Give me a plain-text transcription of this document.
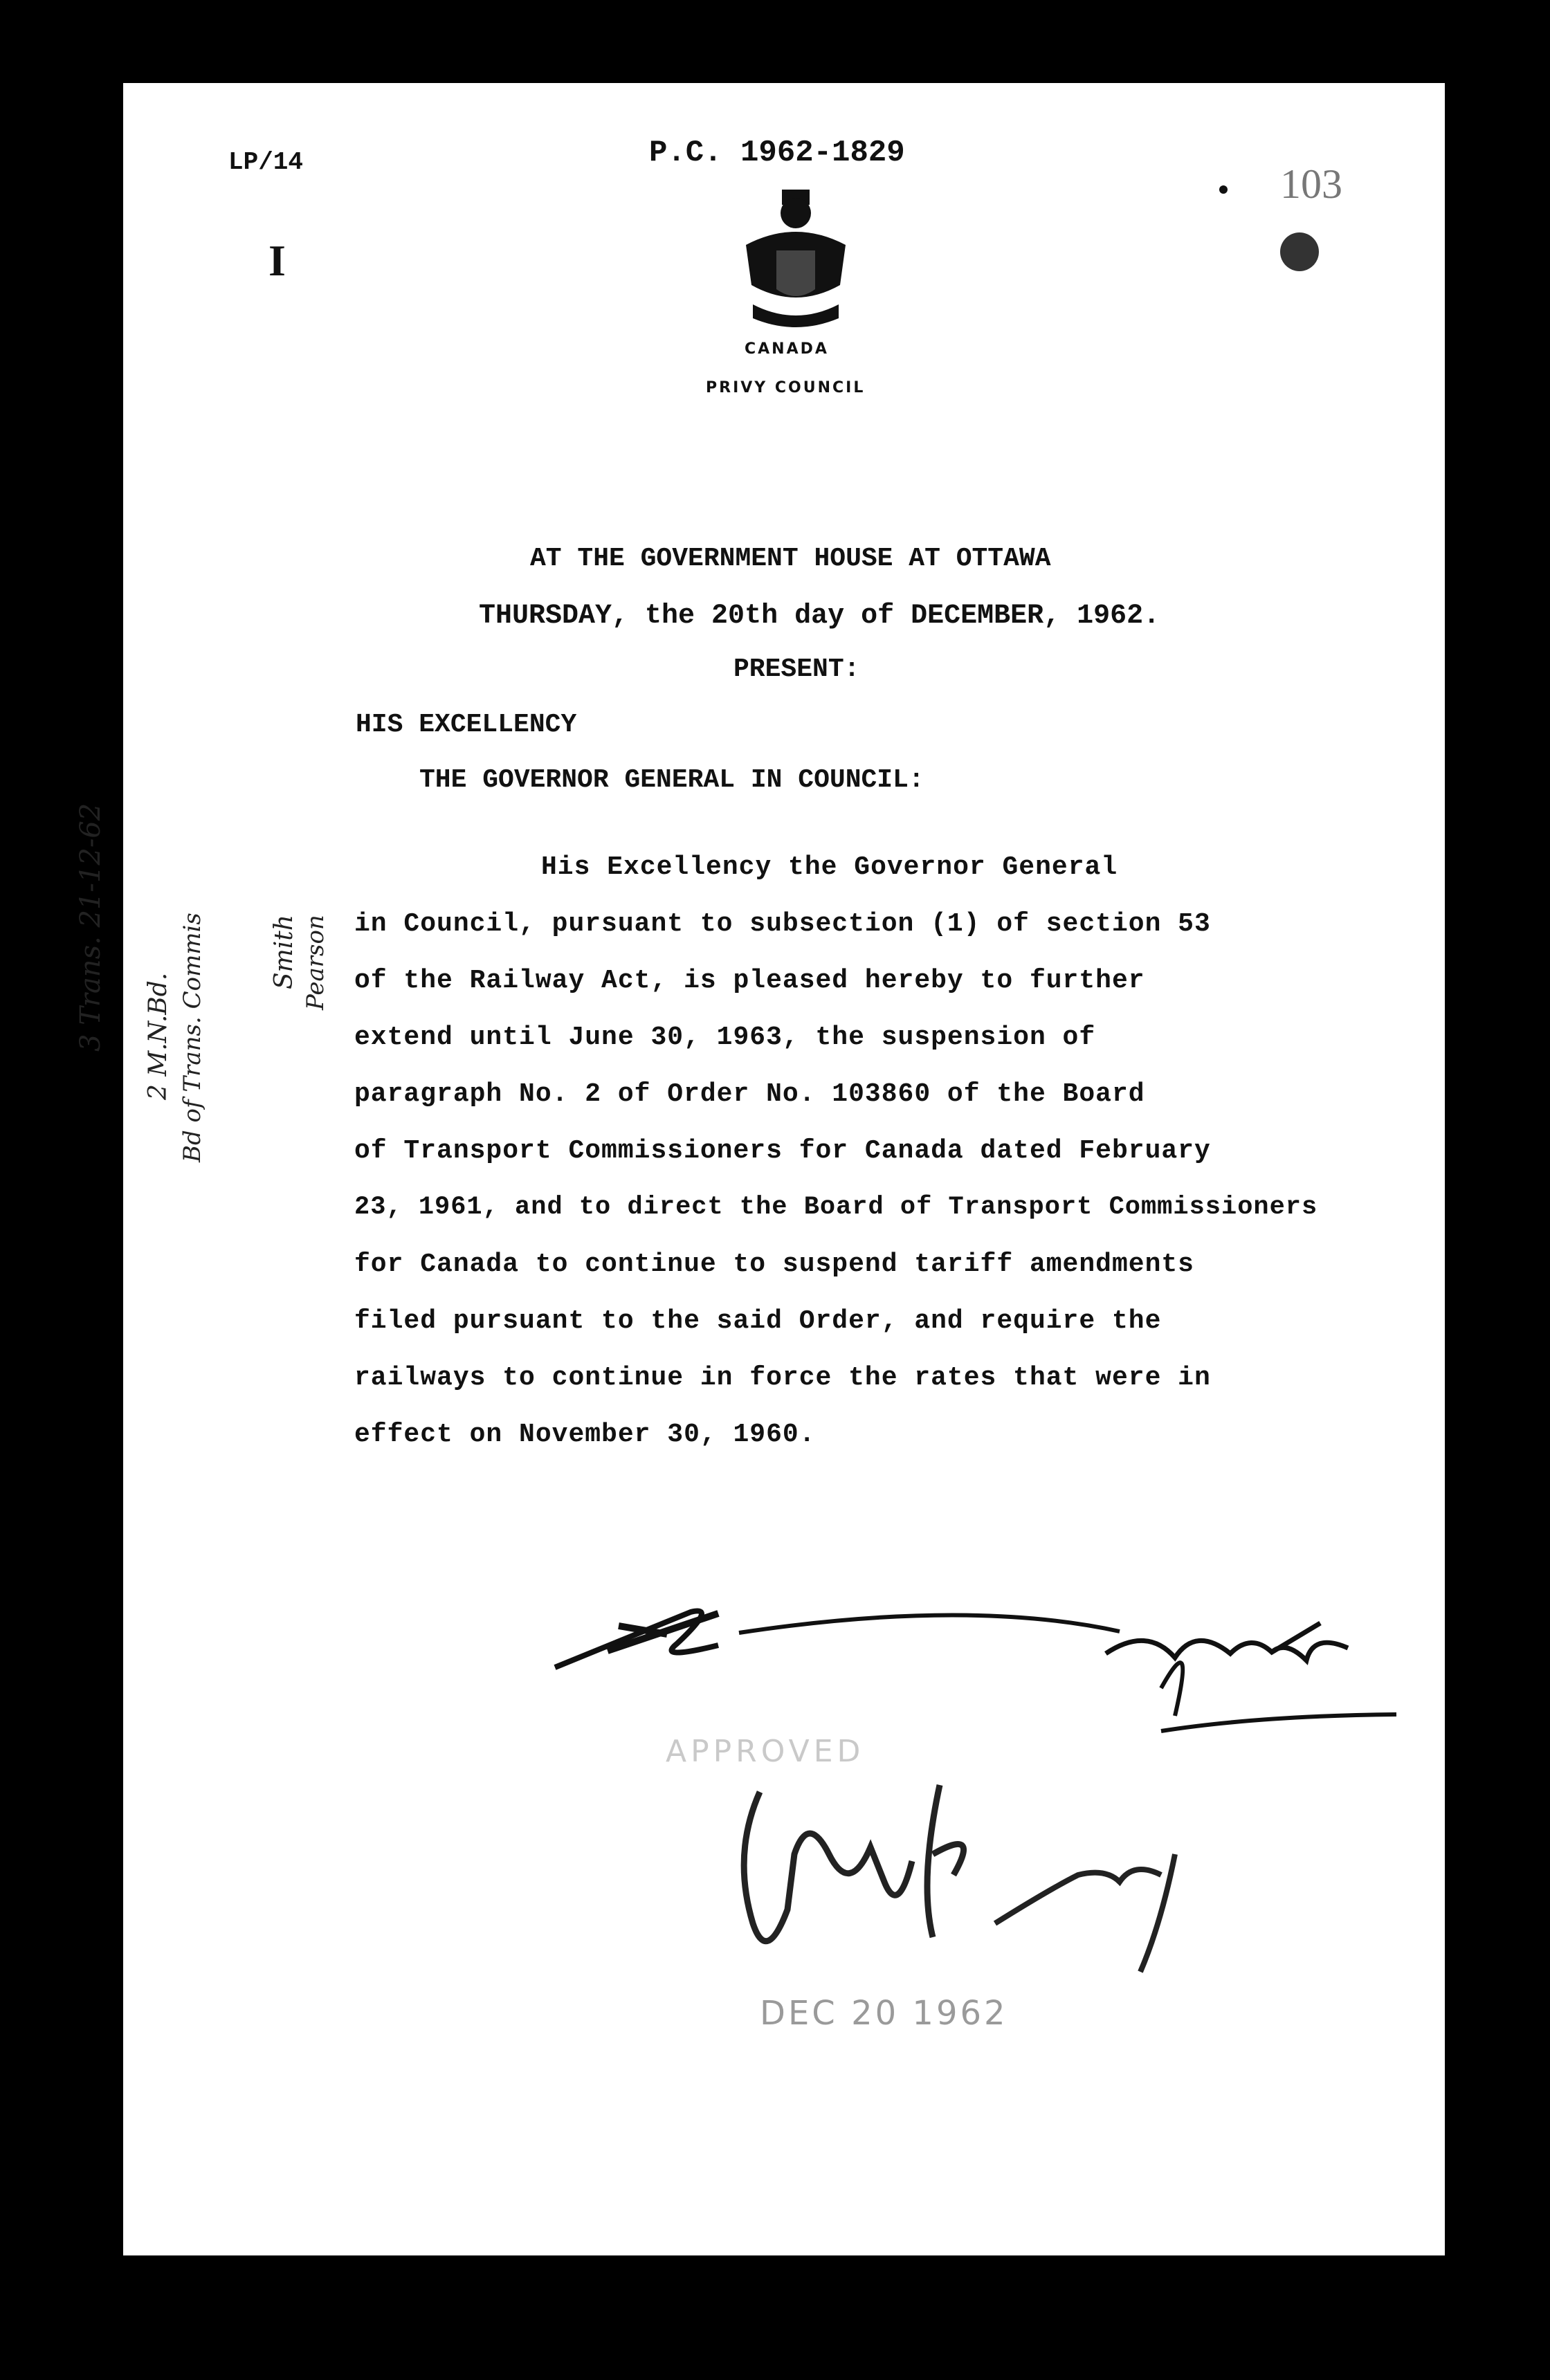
LP/14	P.C. 1962-1829
103
I
CANADA
PRIVY COUNCIL
AT THE GOVERNMENT HOUSE AT OTTAWA
THURSDAY, the 20th day of DECEMBER, 1962.
PRESENT:
HIS EXCELLENCY
THE GOVERNOR GENERAL IN COUNCIL:
His Excellency the Governor General
in Council, pursuant to subsection (1) of section 53
of the Railway Act, is pleased hereby to further
extend until June 30, 1963, the suspension of
paragraph No. 2 of Order No. 103860 of the Board
of Transport Commissioners for Canada dated February
23, 1961, and to direct the Board of Transport Commissioners
for Canada to continue to suspend tariff amendments
filed pursuant to the said Order, and require the
railways to continue in force the rates that were in
effect on November 30, 1960.
3 Trans. 21-12-62 2 M.N.Bd. Bd of Trans. Commis	Smith Pearson
APPROVED
DEC 20 1962
